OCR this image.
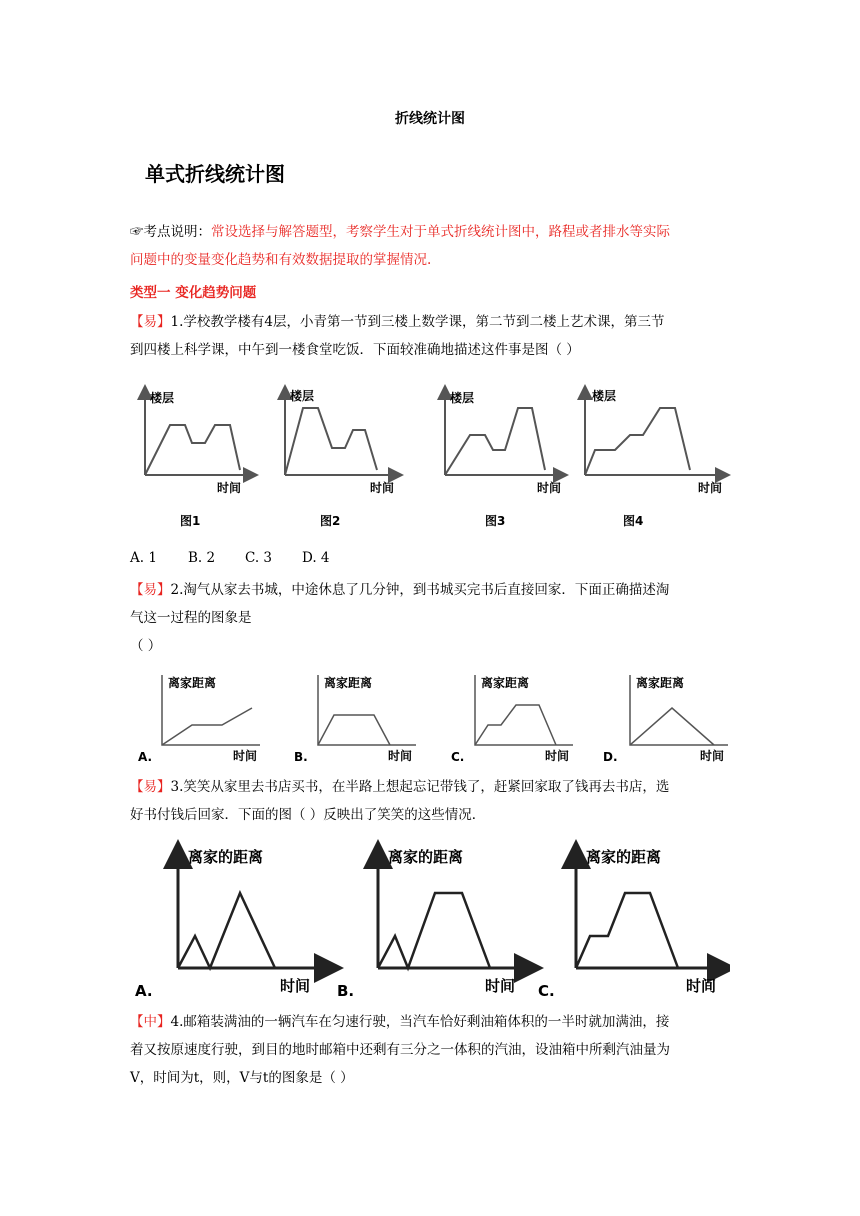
折线统计图
单式折线统计图
☞考点说明：常设选择与解答题型，考察学生对于单式折线统计图中，路程或者排水等实际
问题中的变量变化趋势和有效数据提取的掌握情况.
类型一 变化趋势问题
【易】1.学校教学楼有4层，小青第一节到三楼上数学课，第二节到二楼上艺术课，第三节
到四楼上科学课，中午到一楼食堂吃饭．下面较准确地描述这件事是图（ ）
楼层
时间
图1
楼层
时间
图2
楼层
时间
图3
楼层
时间
图4
A. 1 B. 2 C. 3 D. 4
【易】2.淘气从家去书城，中途休息了几分钟，到书城买完书后直接回家．下面正确描述淘
气这一过程的图象是
（ ）
离家距离
时间
A.
离家距离
时间
B.
离家距离
时间
C.
离家距离
时间
D.
【易】3.笑笑从家里去书店买书，在半路上想起忘记带钱了，赶紧回家取了钱再去书店，选
好书付钱后回家．下面的图（ ）反映出了笑笑的这些情况．
离家的距离
时间
A.
离家的距离
时间
B.
离家的距离
时间
C.
【中】4.邮箱装满油的一辆汽车在匀速行驶，当汽车恰好剩油箱体积的一半时就加满油，接
着又按原速度行驶，到目的地时邮箱中还剩有三分之一体积的汽油，设油箱中所剩汽油量为
V，时间为t，则，V与t的图象是（ ）
